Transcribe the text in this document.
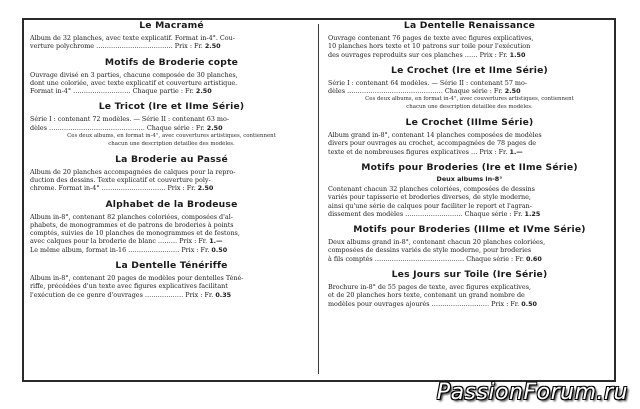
Le Macramé
Album de 32 planches, avec texte explicatif. Format in-4°. Cou-
verture polychrome ……………………………… Prix : Fr. 2.50
Motifs de Broderie copte
Ouvrage divisé en 3 parties, chacune composée de 30 planches,
dont une coloriée, avec texte explicatif et couverture artistique.
Format in-4° ……………………… Chaque partie : Fr. 2.50
Le Tricot (Ire et IIme Série)
Série I : contenant 72 modèles. — Série II : contenant 63 mo-
dèles ……………………………………… Chaque série : Fr. 2.50
Ces deux albums, en format in-4°, avec couvertures artistiques, contiennent
chacun une description détaillée des modèles.
La Broderie au Passé
Album de 20 planches accompagnées de calques pour la repro-
duction des dessins. Texte explicatif et couverture poly-
chrome. Format in-4° ………………………… Prix : Fr. 2.50
Alphabet de la Brodeuse
Album in-8°, contenant 82 planches coloriées, composées d'al-
phabets, de monogrammes et de patrons de broderies à points
comptés, suivies de 10 planches de monogrammes et de festons,
avec calques pour la broderie de blanc ……… Prix : Fr. 1.—
Le même album, format in-16 …………………… Prix : Fr. 0.50
La Dentelle Ténériffe
Album in-8°, contenant 20 pages de modèles pour dentelles Téné-
riffe, précédées d'un texte avec figures explicatives facilitant
l'exécution de ce genre d'ouvrages ……………… Prix : Fr. 0.35
La Dentelle Renaissance
Ouvrage contenant 76 pages de texte avec figures explicatives,
10 planches hors texte et 10 patrons sur toile pour l'exécution
des ouvrages reproduits sur ces planches …… Prix : Fr. 1.50
Le Crochet (Ire et IIme Série)
Série I : contenant 64 modèles. — Série II : contenant 57 mo-
dèles ……………………………………… Chaque série : Fr. 2.50
Ces deux albums, en format in-4°, avec couvertures artistiques, contiennent
chacun une description détaillée des modèles.
Le Crochet (IIIme Série)
Album grand in-8°, contenant 14 planches composées de modèles
divers pour ouvrages au crochet, accompagnées de 78 pages de
texte et de nombreuses figures explicatives … Prix : Fr. 1.—
Motifs pour Broderies (Ire et IIme Série)
Deux albums in-8°
Contenant chacun 32 planches coloriées, composées de dessins
variés pour tapisserie et broderies diverses, de style moderne,
ainsi qu'une série de calques pour faciliter le report et l'agran-
dissement des modèles ……………………… Chaque série : Fr. 1.25
Motifs pour Broderies (IIIme et IVme Série)
Deux albums grand in-8°, contenant chacun 20 planches coloriées,
composées de dessins variés de style moderne, pour broderies
à fils comptés …………………………………… Chaque série : Fr. 0.60
Les Jours sur Toile (Ire Série)
Brochure in-8° de 55 pages de texte, avec figures explicatives,
et de 20 planches hors texte, contenant un grand nombre de
modèles pour ouvrages ajourés ……………………… Prix : Fr. 0.50
PassionForum.ru
